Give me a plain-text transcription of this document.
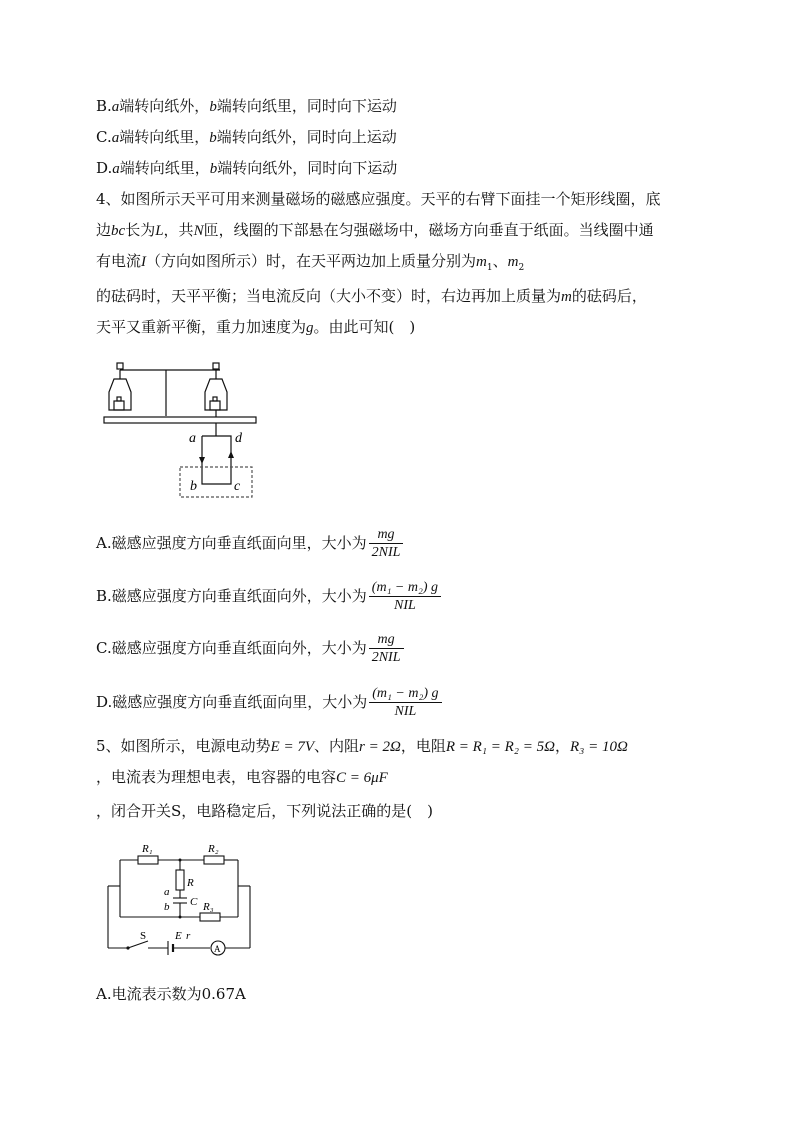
B.a端转向纸外，b端转向纸里，同时向下运动
C.a端转向纸里，b端转向纸外，同时向上运动
D.a端转向纸里，b端转向纸外，同时向下运动
4、如图所示天平可用来测量磁场的磁感应强度。天平的右臂下面挂一个矩形线圈，底
边bc长为L，共N匝，线圈的下部悬在匀强磁场中，磁场方向垂直于纸面。当线圈中通
有电流I（方向如图所示）时，在天平两边加上质量分别为$m_1$、$m_2$
的砝码时，天平平衡；当电流反向（大小不变）时，右边再加上质量为m的砝码后，
天平又重新平衡，重力加速度为g。由此可知(　)
a	d
b	c
A.磁感应强度方向垂直纸面向里，大小为 $\frac{mg}{\text{2NIL}}$
B.磁感应强度方向垂直纸面向外，大小为 $\frac{\text{(m₁ − m₂) g}}{\text{NIL}}$
C.磁感应强度方向垂直纸面向外，大小为 $\frac{mg}{\text{2NIL}}$
D.磁感应强度方向垂直纸面向里，大小为 $\frac{\text{(m₁ − m₂) g}}{\text{NIL}}$
5、如图所示，电源电动势E = 7V、内阻r = 2Ω，电阻R = R₁ = R₂ = 5Ω，R₃ = 10Ω
，电流表为理想电表，电容器的电容C = 6μF
，闭合开关S，电路稳定后，下列说法正确的是(　)
R₁	R₂
R
a
C
b	R₃
S	E r
A
A.电流表示数为0.67A
